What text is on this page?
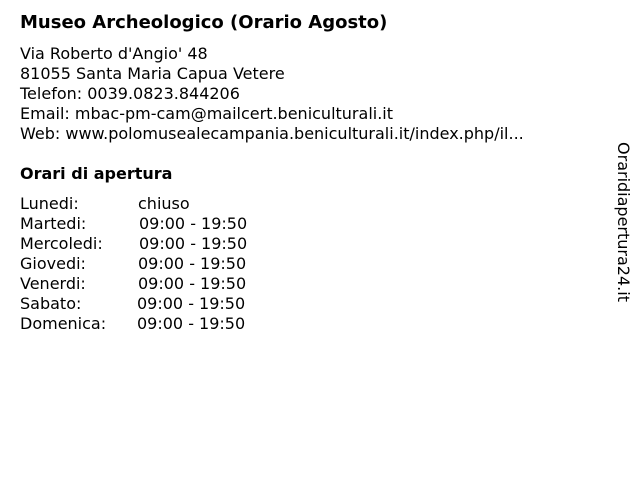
Museo Archeologico (Orario Agosto)
Via Roberto d'Angio' 48
81055 Santa Maria Capua Vetere
Telefon: 0039.0823.844206
Email: mbac-pm-cam@mailcert.beniculturali.it
Web: www.polomusealecampania.beniculturali.it/index.php/il...
Orari di apertura
Lunedi:	chiuso
Martedi:	09:00 - 19:50
Mercoledi: 09:00 - 19:50
Giovedi:	09:00 - 19:50
Venerdi:	09:00 - 19:50
Sabato:	09:00 - 19:50
Domenica: 09:00 - 19:50
Oraridiapertura24.it
